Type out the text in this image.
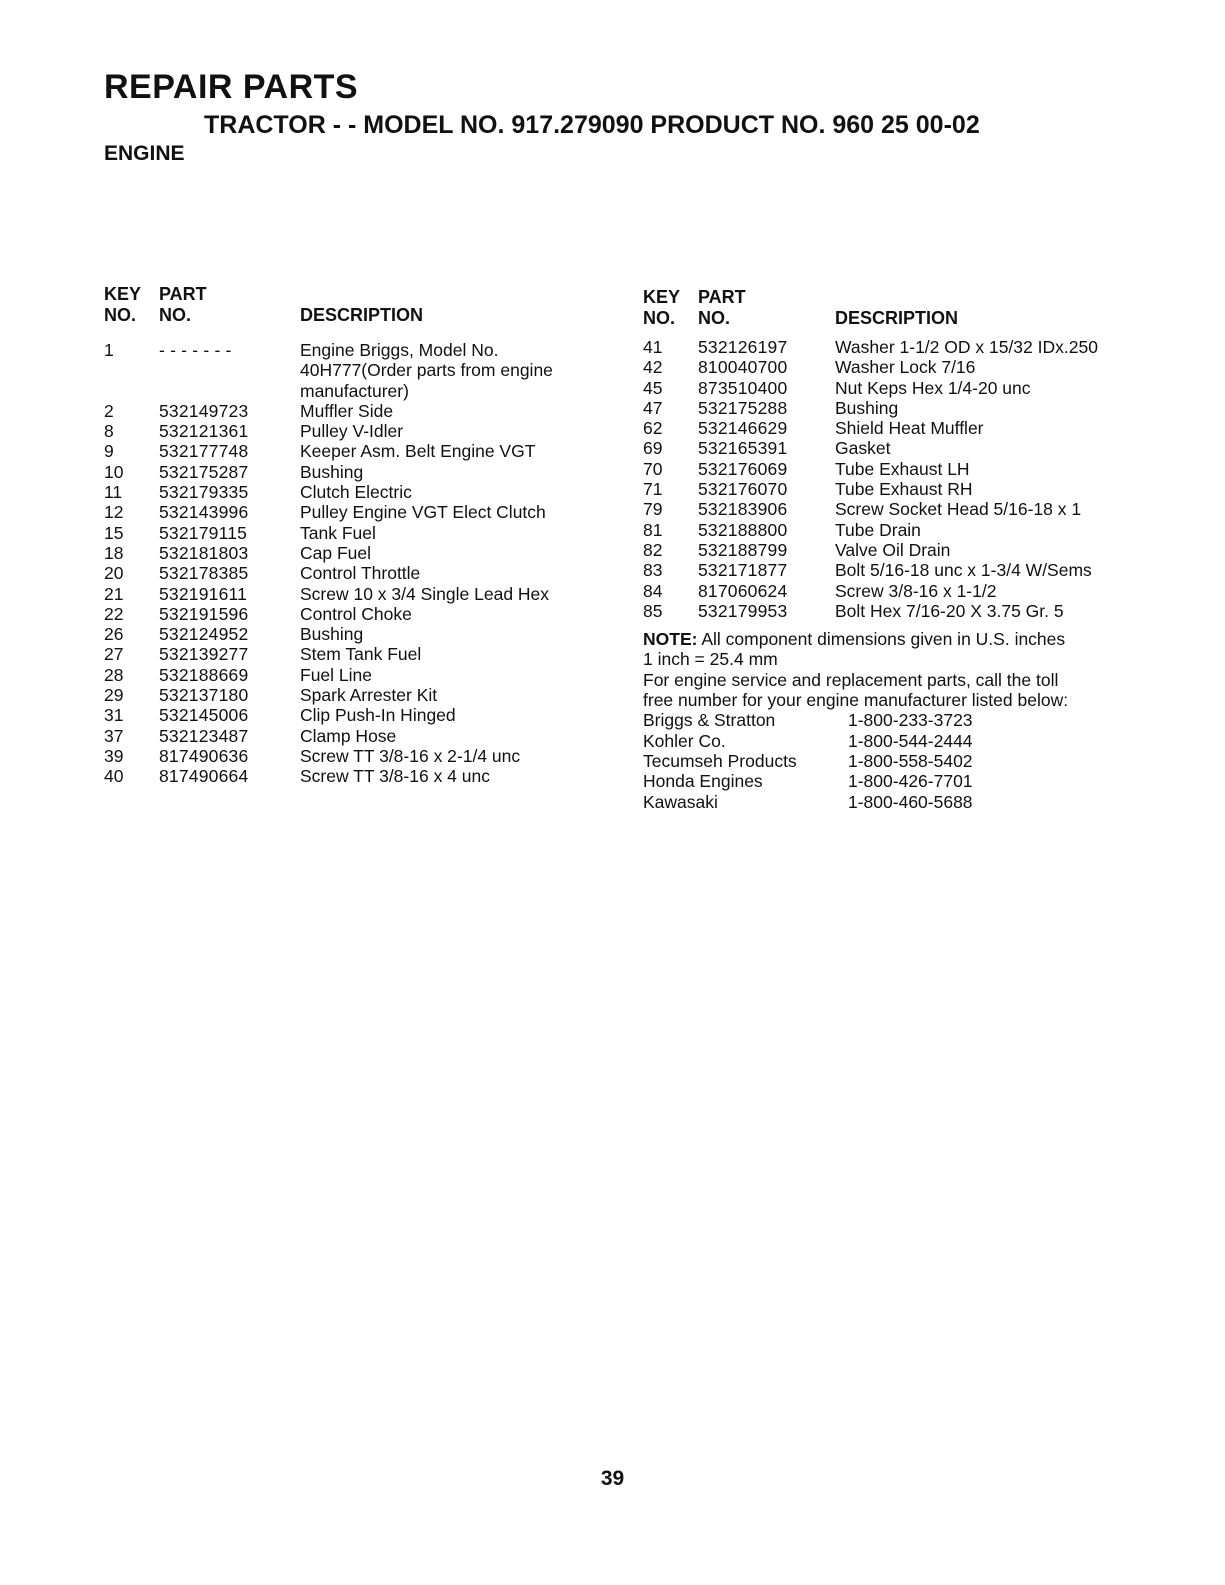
REPAIR PARTS
TRACTOR - - MODEL NO. 917.279090 PRODUCT NO. 960 25 00-02
ENGINE
KEY
NO.
PART
NO.	DESCRIPTION
1	- - - - - - -	Engine Briggs, Model No. 40H777(Order parts from engine manufacturer)
2	532149723	Muffler Side
8	532121361	Pulley V-Idler
9	532177748	Keeper Asm. Belt Engine VGT
10	532175287	Bushing
11	532179335	Clutch Electric
12	532143996	Pulley Engine VGT Elect Clutch
15	532179115	Tank Fuel
18	532181803	Cap Fuel
20	532178385	Control Throttle
21	532191611	Screw 10 x 3/4 Single Lead Hex
22	532191596	Control Choke
26	532124952	Bushing
27	532139277	Stem Tank Fuel
28	532188669	Fuel Line
29	532137180	Spark Arrester Kit
31	532145006	Clip Push-In Hinged
37	532123487	Clamp Hose
39	817490636	Screw TT 3/8-16 x 2-1/4 unc
40	817490664	Screw TT 3/8-16 x 4 unc
KEY
NO.
PART
NO.	DESCRIPTION
41	532126197	Washer 1-1/2 OD x 15/32 IDx.250
42	810040700	Washer Lock 7/16
45	873510400	Nut Keps Hex 1/4-20 unc
47	532175288	Bushing
62	532146629	Shield Heat Muffler
69	532165391	Gasket
70	532176069	Tube Exhaust LH
71	532176070	Tube Exhaust RH
79	532183906	Screw Socket Head 5/16-18 x 1
81	532188800	Tube Drain
82	532188799	Valve Oil Drain
83	532171877	Bolt 5/16-18 unc x 1-3/4 W/Sems
84	817060624	Screw 3/8-16 x 1-1/2
85	532179953	Bolt Hex 7/16-20 X 3.75 Gr. 5
NOTE: All component dimensions given in U.S. inches
1 inch = 25.4 mm
For engine service and replacement parts, call the toll
free number for your engine manufacturer listed below:
Briggs & Stratton	1-800-233-3723
Kohler Co.	1-800-544-2444
Tecumseh Products	1-800-558-5402
Honda Engines	1-800-426-7701
Kawasaki	1-800-460-5688
39
